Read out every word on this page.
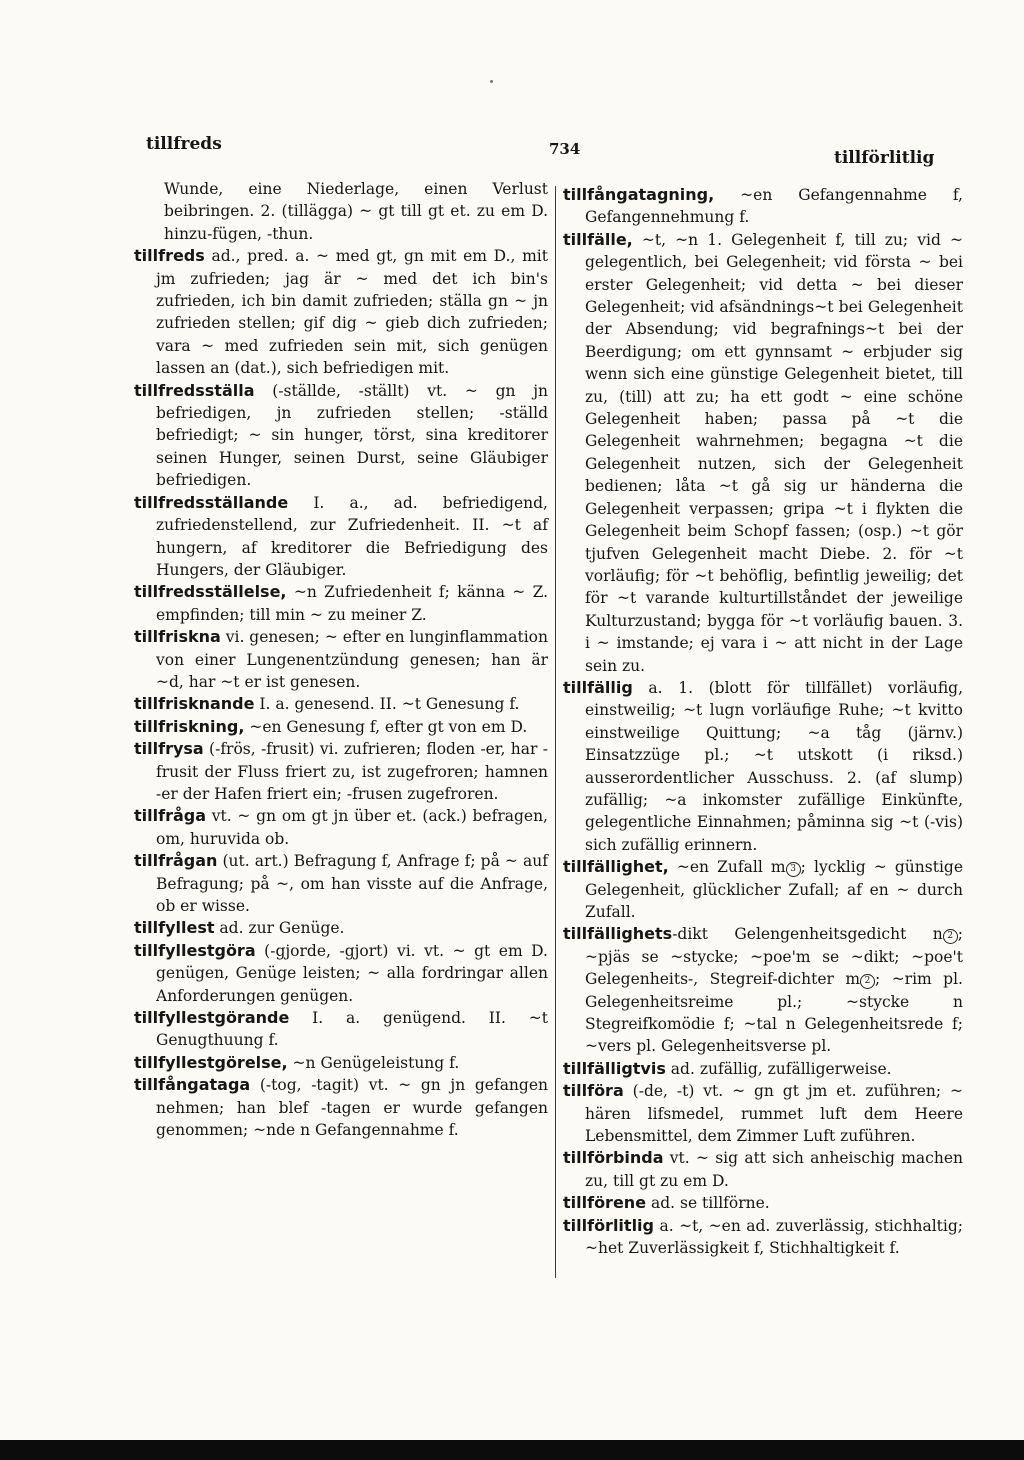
tillfreds	734	tillförlitlig

Wunde, eine Niederlage, einen Verlust beibringen. 2. (tillägga) ~ gt till gt et. zu em D. hinzu-fügen, -thun.

tillfreds ad., pred. a. ~ med gt, gn mit em D., mit jm zufrieden; jag är ~ med det ich bin's zufrieden, ich bin damit zufrieden; ställa gn ~ jn zufrieden stellen; gif dig ~ gieb dich zufrieden; vara ~ med zufrieden sein mit, sich genügen lassen an (dat.), sich befriedigen mit.

tillfredsställa (-ställde, -ställt) vt. ~ gn jn befriedigen, jn zufrieden stellen; -ställd befriedigt; ~ sin hunger, törst, sina kreditorer seinen Hunger, seinen Durst, seine Gläubiger befriedigen.

tillfredsställande I. a., ad. befriedigend, zufriedenstellend, zur Zufriedenheit. II. ~t af hungern, af kreditorer die Befriedigung des Hungers, der Gläubiger.

tillfredsställelse, ~n Zufriedenheit f; känna ~ Z. empfinden; till min ~ zu meiner Z.

tillfriskna vi. genesen; ~ efter en lunginflammation von einer Lungenentzündung genesen; han är ~d, har ~t er ist genesen.

tillfrisknande I. a. genesend. II. ~t Genesung f.

tillfriskning, ~en Genesung f, efter gt von em D.

tillfrysa (-frös, -frusit) vi. zufrieren; floden -er, har -frusit der Fluss friert zu, ist zugefroren; hamnen -er der Hafen friert ein; -frusen zugefroren.

tillfråga vt. ~ gn om gt jn über et. (ack.) befragen, om, huruvida ob.

tillfrågan (ut. art.) Befragung f, Anfrage f; på ~ auf Befragung; på ~, om han visste auf die Anfrage, ob er wisse.

tillfyllest ad. zur Genüge.

tillfyllestgöra (-gjorde, -gjort) vi. vt. ~ gt em D. genügen, Genüge leisten; ~ alla fordringar allen Anforderungen genügen.

tillfyllestgörande I. a. genügend. II. ~t Genugthuung f.

tillfyllestgörelse, ~n Genügeleistung f.

tillfångataga (-tog, -tagit) vt. ~ gn jn gefangen nehmen; han blef -tagen er wurde gefangen genommen; ~nde n Gefangennahme f.

tillfångatagning, ~en Gefangennahme f, Gefangennehmung f.

tillfälle, ~t, ~n 1. Gelegenheit f, till zu; vid ~ gelegentlich, bei Gelegenheit; vid första ~ bei erster Gelegenheit; vid detta ~ bei dieser Gelegenheit; vid afsändnings~t bei Gelegenheit der Absendung; vid begrafnings~t bei der Beerdigung; om ett gynnsamt ~ erbjuder sig wenn sich eine günstige Gelegenheit bietet, till zu, (till) att zu; ha ett godt ~ eine schöne Gelegenheit haben; passa på ~t die Gelegenheit wahrnehmen; begagna ~t die Gelegenheit nutzen, sich der Gelegenheit bedienen; låta ~t gå sig ur händerna die Gelegenheit verpassen; gripa ~t i flykten die Gelegenheit beim Schopf fassen; (osp.) ~t gör tjufven Gelegenheit macht Diebe. 2. för ~t vorläufig; för ~t behöflig, befintlig jeweilig; det för ~t varande kulturtillståndet der jeweilige Kulturzustand; bygga för ~t vorläufig bauen. 3. i ~ imstande; ej vara i ~ att nicht in der Lage sein zu.

tillfällig a. 1. (blott för tillfället) vorläufig, einstweilig; ~t lugn vorläufige Ruhe; ~t kvitto einstweilige Quittung; ~a tåg (järnv.) Einsatzzüge pl.; ~t utskott (i riksd.) ausserordentlicher Ausschuss. 2. (af slump) zufällig; ~a inkomster zufällige Einkünfte, gelegentliche Einnahmen; påminna sig ~t (-vis) sich zufällig erinnern.

tillfällighet, ~en Zufall m 3 ; lycklig ~ günstige Gelegenheit, glücklicher Zufall; af en ~ durch Zufall.

tillfällighets-dikt Gelengenheitsgedicht n 2 ; ~pjäs se ~stycke; ~poe'm se ~dikt; ~poe't Gelegenheits-, Stegreif-dichter m 2 ; ~rim pl. Gelegenheitsreime pl.; ~stycke n Stegreifkomödie f; ~tal n Gelegenheitsrede f; ~vers pl. Gelegenheitsverse pl.

tillfälligtvis ad. zufällig, zufälligerweise.

tillföra (-de, -t) vt. ~ gn gt jm et. zuführen; ~ hären lifsmedel, rummet luft dem Heere Lebensmittel, dem Zimmer Luft zuführen.

tillförbinda vt. ~ sig att sich anheischig machen zu, till gt zu em D.

tillförene ad. se tillförne.

tillförlitlig a. ~t, ~en ad. zuverlässig, stichhaltig; ~het Zuverlässigkeit f, Stichhaltigkeit f.
